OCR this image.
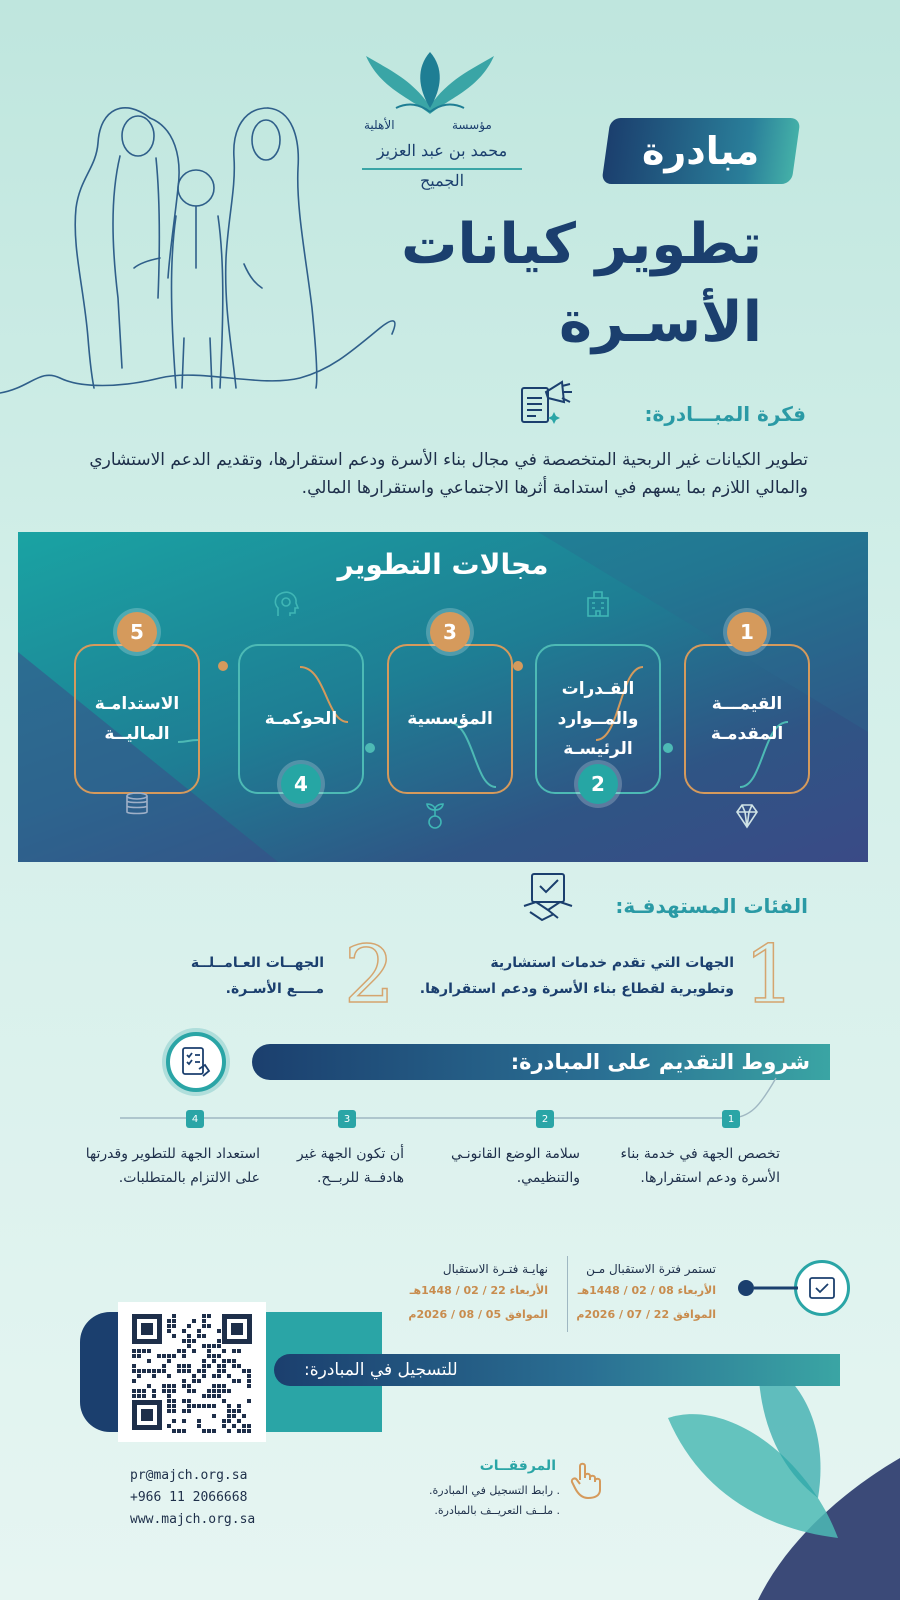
مؤسسة
الأهلية
محمد بن عبد العزيز الجميح
مبادرة
تطوير كيانات
الأسـرة
فكرة المبـــادرة:
تطوير الكيانات غير الربحية المتخصصة في مجال بناء الأسرة ودعم استقرارها، وتقديم الدعم الاستشاري والمالي اللازم بما يسهم في استدامة أثرها الاجتماعي واستقرارها المالي.
مجالات التطوير
القيمـــة
المقدمـة
1
القـدرات
والمــوارد
الرئيسـة
2
المؤسسية
3
الحوكمـة
4
الاستدامـة
الماليــة
5
الفئات المستهدفـة:
1
الجهات التي تقدم خدمات استشارية
وتطويرية لقطاع بناء الأسرة ودعم استقرارها.
2
الجهــات العـامــلــة
مــــع الأسـرة.
شروط التقديم على المبادرة:
1
تخصص الجهة في خدمة بناء
الأسرة ودعم استقرارها.
2
سلامة الوضع القانونـي
والتنظيمي.
3
أن تكون الجهة غير
هادفــة للربــح.
4
استعداد الجهة للتطوير وقدرتها
على الالتزام بالمتطلبات.
تستمر فترة الاستقبال مـن
الأربعاء 08 / 02 / 1448هـ
الموافق 22 / 07 / 2026م
نهايـة فتـرة الاستقبال
الأربعاء 22 / 02 / 1448هـ
الموافق 05 / 08 / 2026م
للتسجيل في المبادرة:
المرفقــات
. رابط التسجيل في المبادرة.
. ملــف التعريــف بالمبادرة.
pr@majch.org.sa
+966 11 2066668
www.majch.org.sa
